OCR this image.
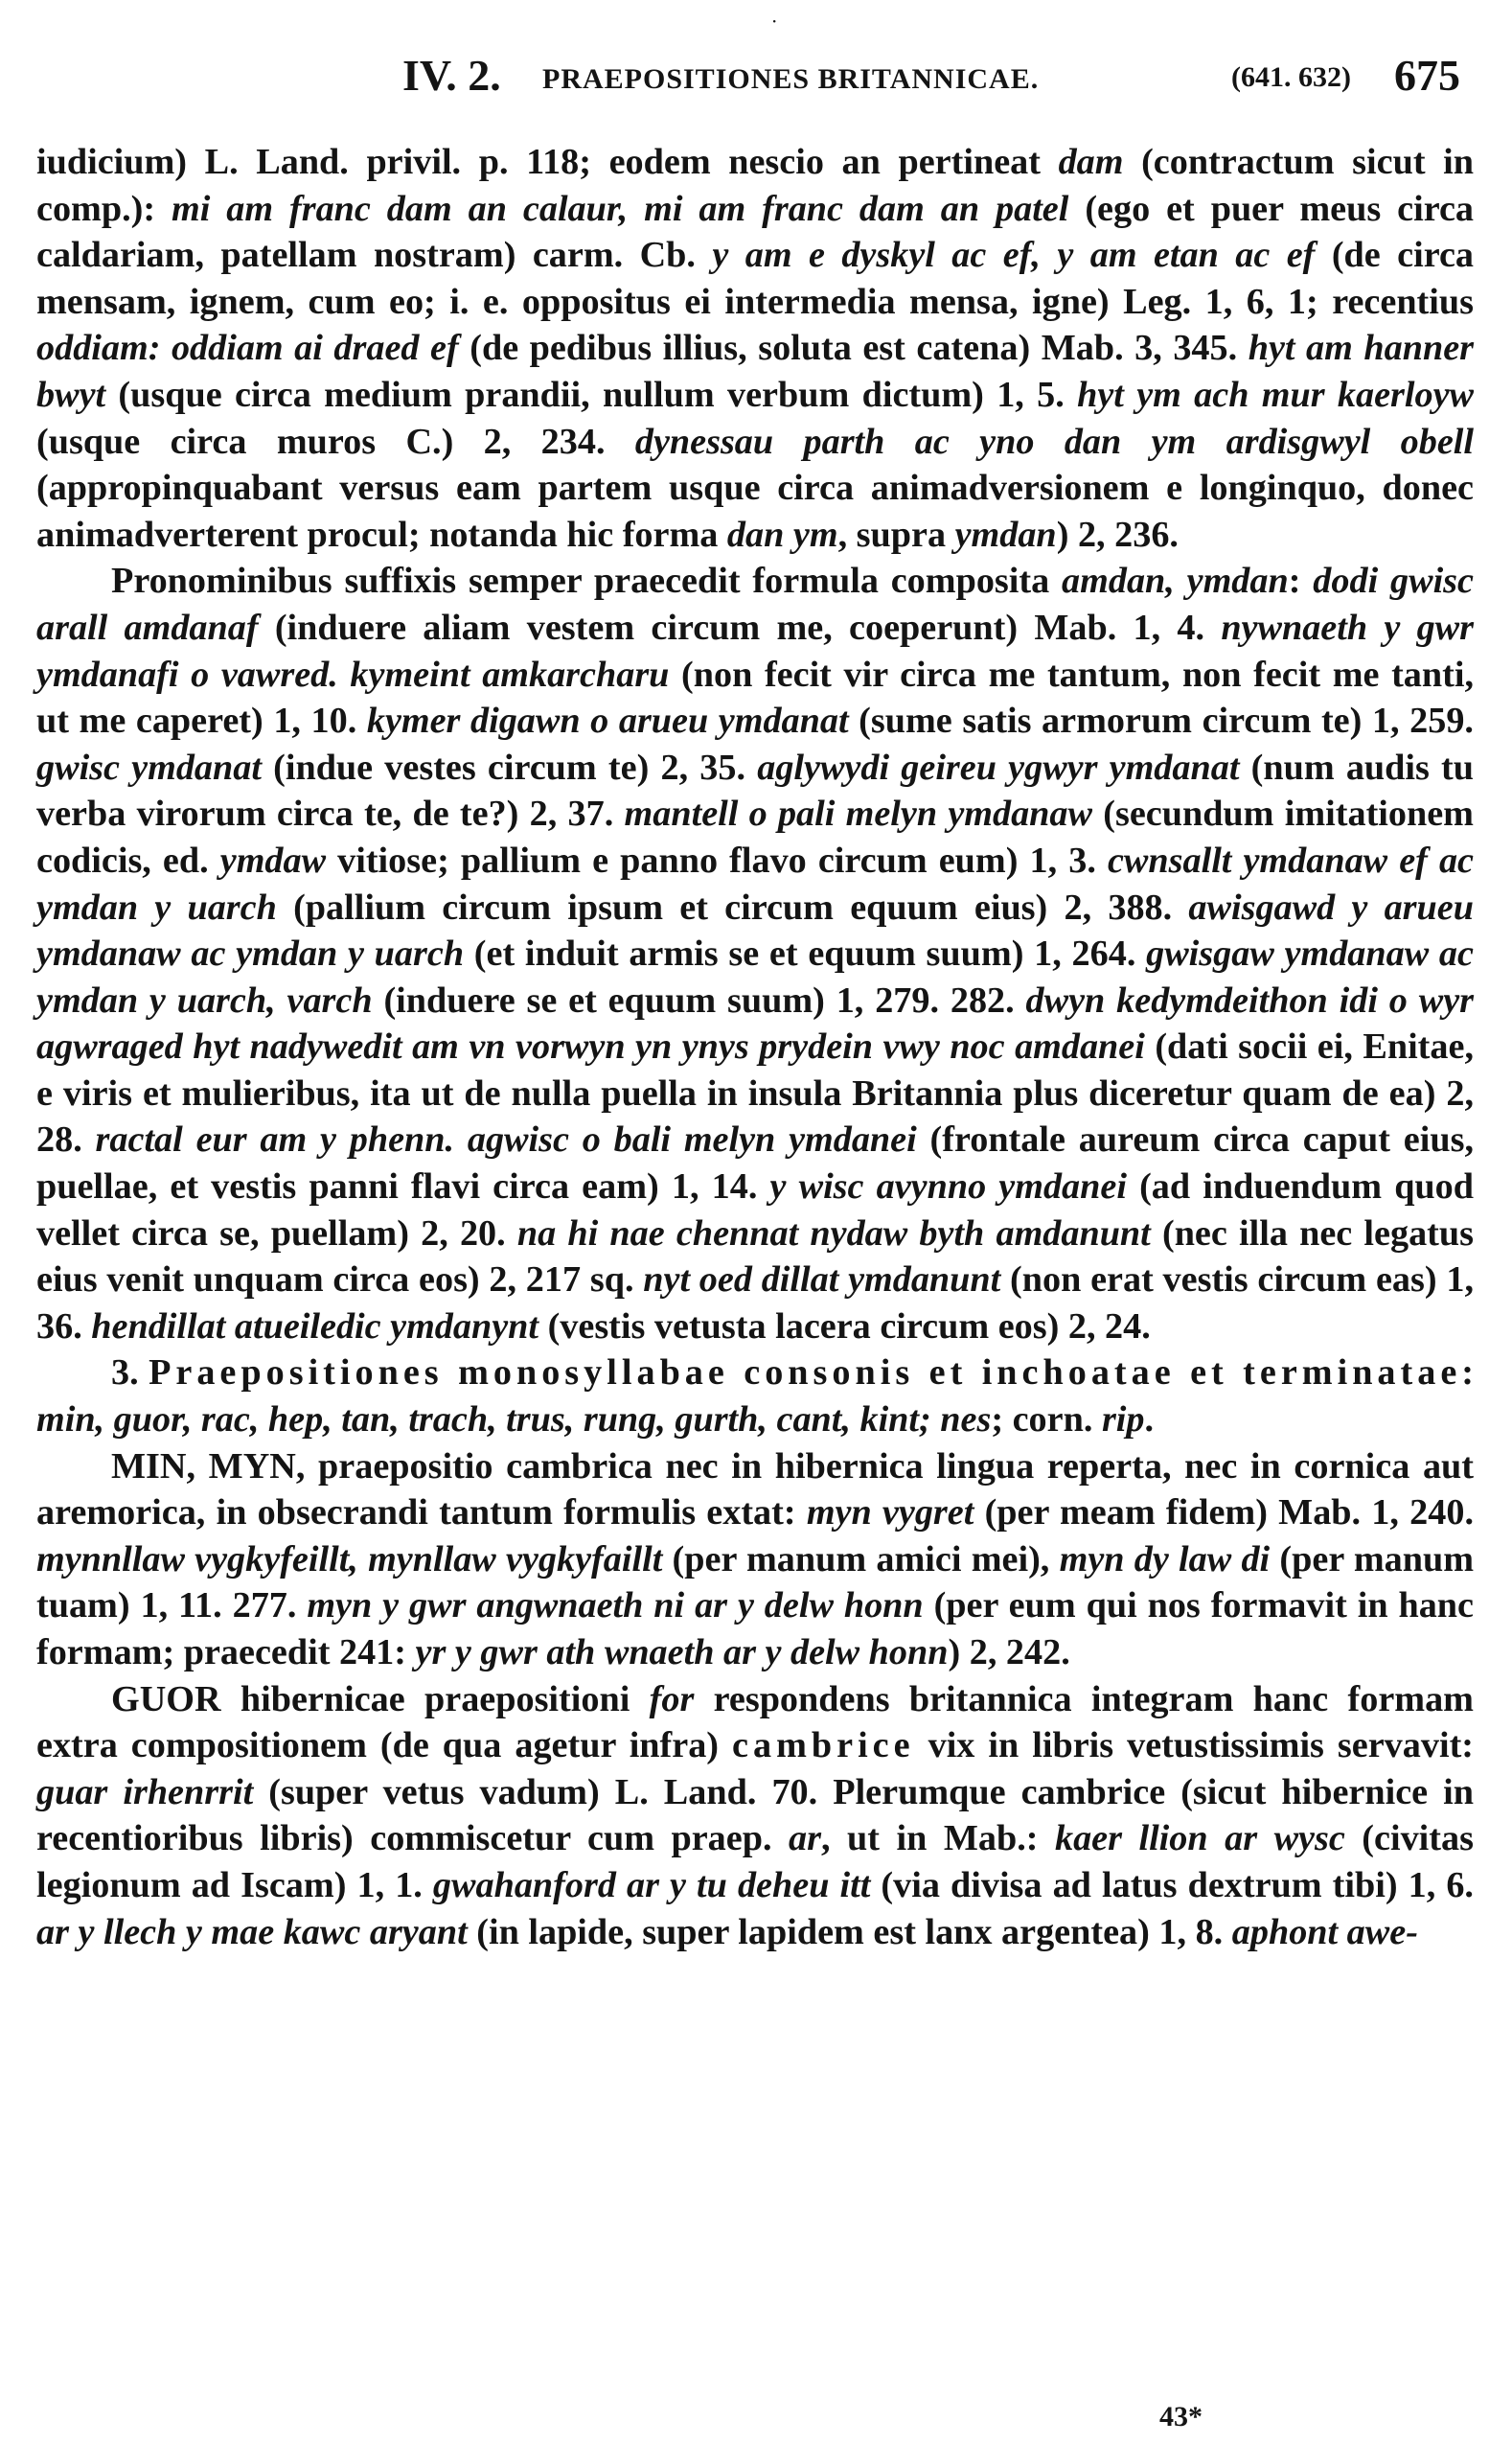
·
IV. 2. PRAEPOSITIONES BRITANNICAE.	(641. 632) 675

iudicium) L. Land. privil. p. 118; eodem nescio an pertineat dam (contractum sicut in comp.): mi am franc dam an calaur, mi am franc dam an patel (ego et puer meus circa caldariam, patellam nostram) carm. Cb. y am e dyskyl ac ef, y am etan ac ef (de circa mensam, ignem, cum eo; i. e. oppositus ei intermedia mensa, igne) Leg. 1, 6, 1; recentius oddiam: oddiam ai draed ef (de pedibus illius, soluta est catena) Mab. 3, 345. hyt am hanner bwyt (usque circa medium prandii, nullum verbum dictum) 1, 5. hyt ym ach mur kaerloyw (usque circa muros C.) 2, 234. dynessau parth ac yno dan ym ardisgwyl obell (appropinquabant versus eam partem usque circa animadversionem e longinquo, donec animadverterent procul; notanda hic forma dan ym, supra ymdan) 2, 236.

Pronominibus suffixis semper praecedit formula composita amdan, ymdan: dodi gwisc arall amdanaf (induere aliam vestem circum me, coeperunt) Mab. 1, 4. nywnaeth y gwr ymdanafi o vawred. kymeint amkarcharu (non fecit vir circa me tantum, non fecit me tanti, ut me caperet) 1, 10. kymer digawn o arueu ymdanat (sume satis armorum circum te) 1, 259. gwisc ymdanat (indue vestes circum te) 2, 35. aglywydi geireu ygwyr ymdanat (num audis tu verba virorum circa te, de te?) 2, 37. mantell o pali melyn ymdanaw (secundum imitationem codicis, ed. ymdaw vitiose; pallium e panno flavo circum eum) 1, 3. cwnsallt ymdanaw ef ac ymdan y uarch (pallium circum ipsum et circum equum eius) 2, 388. awisgawd y arueu ymdanaw ac ymdan y uarch (et induit armis se et equum suum) 1, 264. gwisgaw ymdanaw ac ymdan y uarch, varch (induere se et equum suum) 1, 279. 282. dwyn kedymdeithon idi o wyr agwraged hyt nadywedit am vn vorwyn yn ynys prydein vwy noc amdanei (dati socii ei, Enitae, e viris et mulieribus, ita ut de nulla puella in insula Britannia plus diceretur quam de ea) 2, 28. ractal eur am y phenn. agwisc o bali melyn ymdanei (frontale aureum circa caput eius, puellae, et vestis panni flavi circa eam) 1, 14. y wisc avynno ymdanei (ad induendum quod vellet circa se, puellam) 2, 20. na hi nae chennat nydaw byth amdanunt (nec illa nec legatus eius venit unquam circa eos) 2, 217 sq. nyt oed dillat ymdanunt (non erat vestis circum eas) 1, 36. hendillat atueiledic ymdanynt (vestis vetusta lacera circum eos) 2, 24.

3. Praepositiones monosyllabae consonis et inchoatae et terminatae: min, guor, rac, hep, tan, trach, trus, rung, gurth, cant, kint; nes; corn. rip.

MIN, MYN, praepositio cambrica nec in hibernica lingua reperta, nec in cornica aut aremorica, in obsecrandi tantum formulis extat: myn vygret (per meam fidem) Mab. 1, 240. mynnllaw vygkyfeillt, mynllaw vygkyfaillt (per manum amici mei), myn dy law di (per manum tuam) 1, 11. 277. myn y gwr angwnaeth ni ar y delw honn (per eum qui nos formavit in hanc formam; praecedit 241: yr y gwr ath wnaeth ar y delw honn) 2, 242.

GUOR hibernicae praepositioni for respondens britannica integram hanc formam extra compositionem (de qua agetur infra) cambrice vix in libris vetustissimis servavit: guar irhenrrit (super vetus vadum) L. Land. 70. Plerumque cambrice (sicut hibernice in recentioribus libris) commiscetur cum praep. ar, ut in Mab.: kaer llion ar wysc (civitas legionum ad Iscam) 1, 1. gwahanford ar y tu deheu itt (via divisa ad latus dextrum tibi) 1, 6. ar y llech y mae kawc aryant (in lapide, super lapidem est lanx argentea) 1, 8. aphont awe-

43*
